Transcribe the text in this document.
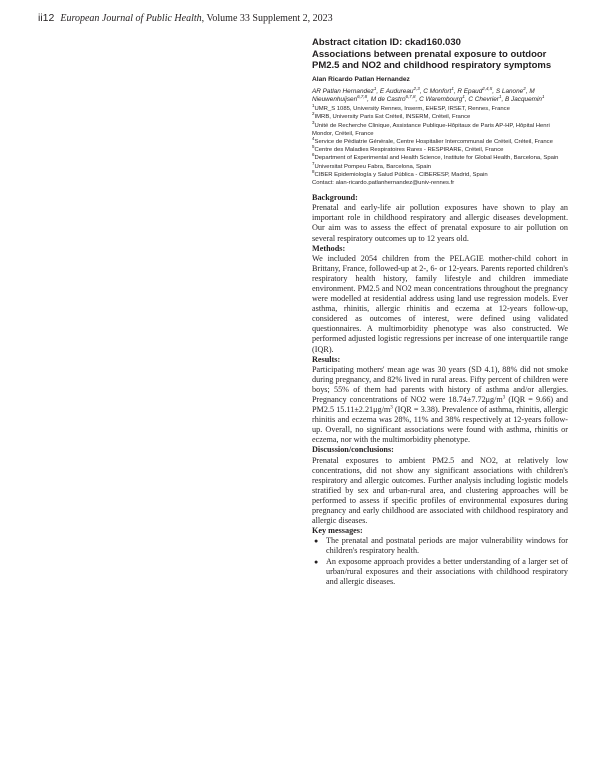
ii12 European Journal of Public Health, Volume 33 Supplement 2, 2023

Abstract citation ID: ckad160.030

Associations between prenatal exposure to outdoor PM2.5 and NO2 and childhood respiratory symptoms

Alan Ricardo Patlan Hernandez

AR Patlan Hernandez$^1$, E Audureau$^{2,3}$, C Monfort$^1$, R Epaud$^{2,4,5}$, S Lanone$^2$, M Nieuwenhuijsen$^{6,7,8}$, M de Castro$^{6,7,8}$, C Warembourg$^1$, C Chevrier$^1$, B Jacquemin$^1$

$^1$UMR_S 1085, University Rennes, Inserm, EHESP, IRSET, Rennes, France

$^2$IMRB, University Paris Est Créteil, INSERM, Créteil, France

$^3$Unité de Recherche Clinique, Assistance Publique-Hôpitaux de Paris AP-HP, Hôpital Henri Mondor, Créteil, France

$^4$Service de Pédiatrie Générale, Centre Hospitalier Intercommunal de Créteil, Créteil, France

$^5$Centre des Maladies Respiratoires Rares - RESPIRARE, Créteil, France

$^6$Department of Experimental and Health Science, Institute for Global Health, Barcelona, Spain

$^7$Universitat Pompeu Fabra, Barcelona, Spain

$^8$CIBER Epidemiología y Salud Pública - CIBERESP, Madrid, Spain

Contact: alan-ricardo.patlanhernandez@univ-rennes.fr

Background:

Prenatal and early-life air pollution exposures have shown to play an important role in childhood respiratory and allergic diseases development. Our aim was to assess the effect of prenatal exposure to air pollution on several respiratory outcomes up to 12 years old.

Methods:

We included 2054 children from the PELAGIE mother-child cohort in Brittany, France, followed-up at 2-, 6- or 12-years. Parents reported children's respiratory health history, family lifestyle and children immediate environment. PM2.5 and NO2 mean concentrations throughout the pregnancy were modelled at residential address using land use regression models. Ever asthma, rhinitis, allergic rhinitis and eczema at 12-years follow-up, considered as outcomes of interest, were defined using validated questionnaires. A multimorbidity phenotype was also constructed. We performed adjusted logistic regressions per increase of one interquartile range (IQR).

Results:

Participating mothers' mean age was 30 years (SD 4.1), 88% did not smoke during pregnancy, and 82% lived in rural areas. Fifty percent of children were boys; 55% of them had parents with history of asthma and/or allergies. Pregnancy concentrations of NO2 were $18.74\pm 7.72\mu g/m^3$ (IQR = 9.66) and PM2.5 $15.11\pm 2.21\mu g/m^3$ (IQR = 3.38). Prevalence of asthma, rhinitis, allergic rhinitis and eczema was 28%, 11% and 38% respectively at 12-years follow-up. Overall, no significant associations were found with asthma, rhinitis or eczema, nor with the multimorbidity phenotype.

Discussion/conclusions:

Prenatal exposures to ambient PM2.5 and NO2, at relatively low concentrations, did not show any significant associations with children's respiratory and allergic outcomes. Further analysis including logistic models stratified by sex and urban-rural area, and clustering approaches will be performed to assess if specific profiles of environmental exposures during pregnancy and early childhood are associated with childhood respiratory and allergic diseases.

Key messages:
● The prenatal and postnatal periods are major vulnerability windows for children's respiratory health.
● An exposome approach provides a better understanding of a larger set of urban/rural exposures and their associations with childhood respiratory and allergic diseases.
